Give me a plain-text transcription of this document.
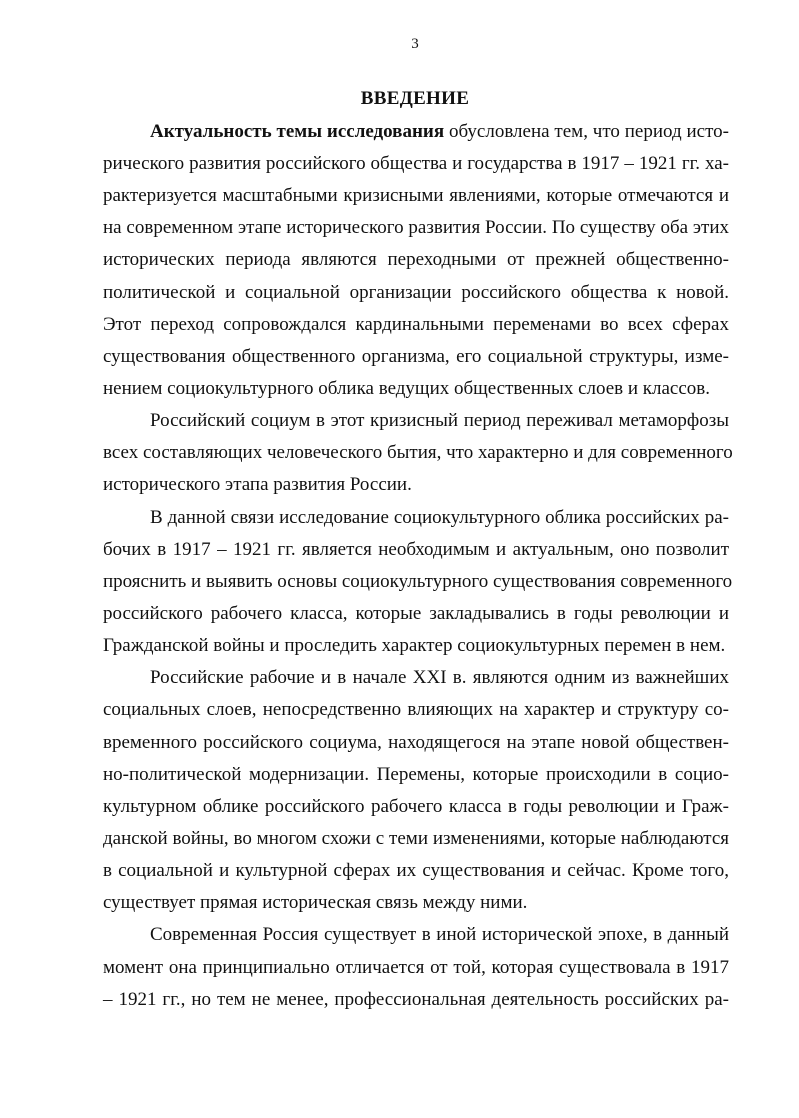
3
ВВЕДЕНИЕ
Актуальность темы исследования обусловлена тем, что период исто-
рического развития российского общества и государства в 1917 – 1921 гг. ха-
рактеризуется масштабными кризисными явлениями, которые отмечаются и
на современном этапе исторического развития России. По существу оба этих
исторических периода являются переходными от прежней общественно-
политической и социальной организации российского общества к новой.
Этот переход сопровождался кардинальными переменами во всех сферах
существования общественного организма, его социальной структуры, изме-
нением социокультурного облика ведущих общественных слоев и классов.
Российский социум в этот кризисный период переживал метаморфозы
всех составляющих человеческого бытия, что характерно и для современного
исторического этапа развития России.
В данной связи исследование социокультурного облика российских ра-
бочих в 1917 – 1921 гг. является необходимым и актуальным, оно позволит
прояснить и выявить основы социокультурного существования современного
российского рабочего класса, которые закладывались в годы революции и
Гражданской войны и проследить характер социокультурных перемен в нем.
Российские рабочие и в начале XXI в. являются одним из важнейших
социальных слоев, непосредственно влияющих на характер и структуру со-
временного российского социума, находящегося на этапе новой обществен-
но-политической модернизации. Перемены, которые происходили в социо-
культурном облике российского рабочего класса в годы революции и Граж-
данской войны, во многом схожи с теми изменениями, которые наблюдаются
в социальной и культурной сферах их существования и сейчас. Кроме того,
существует прямая историческая связь между ними.
Современная Россия существует в иной исторической эпохе, в данный
момент она принципиально отличается от той, которая существовала в 1917
– 1921 гг., но тем не менее, профессиональная деятельность российских ра-
